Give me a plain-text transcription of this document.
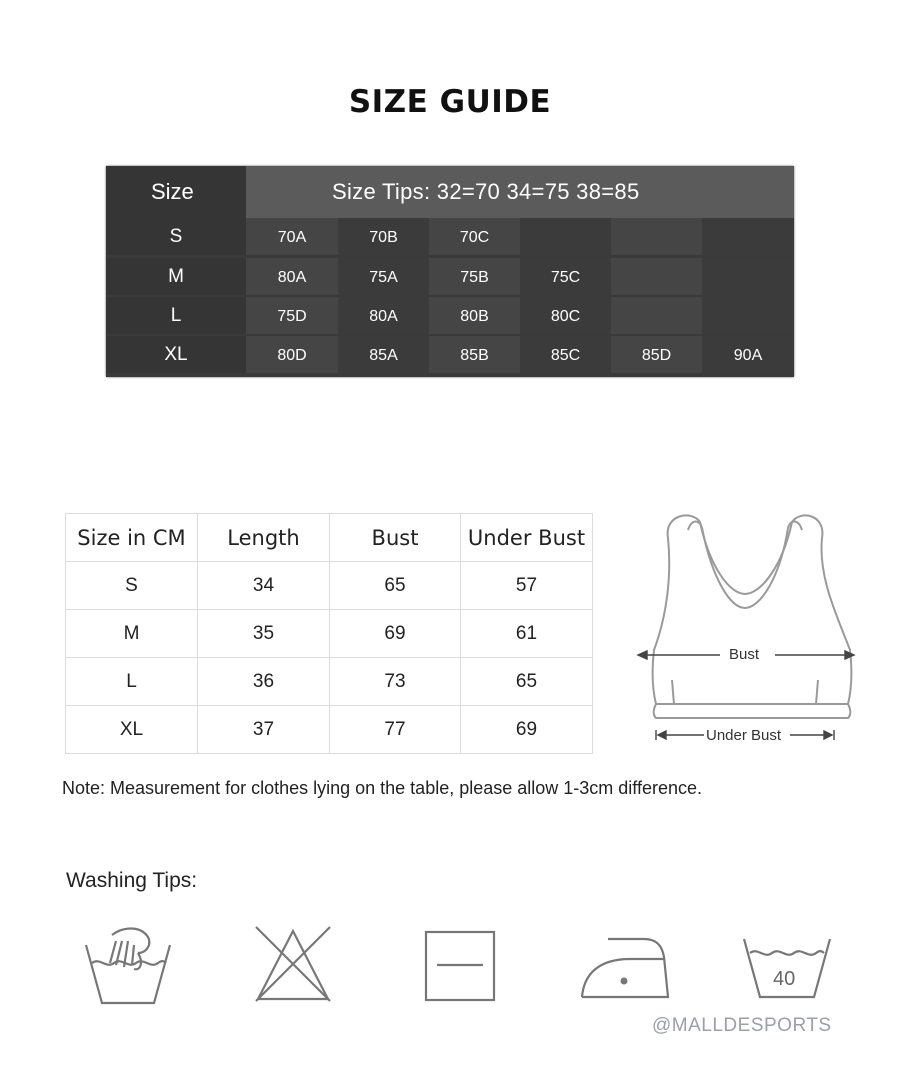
SIZE GUIDE
Size	Size Tips: 32=70 34=75 38=85
S	70A	70B	70C
M	80A	75A	75B	75C
L	75D	80A	80B	80C
XL	80D	85A	85B	85C	85D	90A
Size in CM	Length	Bust	Under Bust
S	34	65	57
M	35	69	61
L	36	73	65
XL	37	77	69
Bust
Under Bust
Note: Measurement for clothes lying on the table, please allow 1-3cm difference.
Washing Tips:
40
@MALLDESPORTS
